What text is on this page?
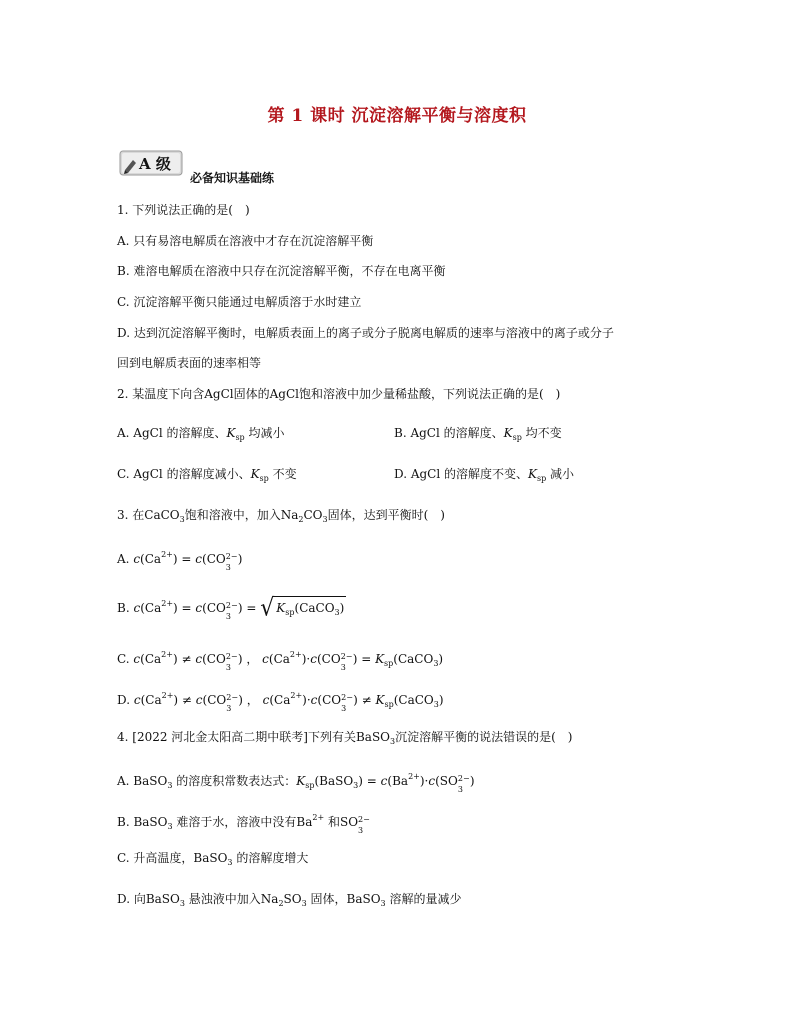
第 1 课时 沉淀溶解平衡与溶度积
A 级
必备知识基础练
1. 下列说法正确的是(　)
A. 只有易溶电解质在溶液中才存在沉淀溶解平衡
B. 难溶电解质在溶液中只存在沉淀溶解平衡，不存在电离平衡
C. 沉淀溶解平衡只能通过电解质溶于水时建立
D. 达到沉淀溶解平衡时，电解质表面上的离子或分子脱离电解质的速率与溶液中的离子或分子
回到电解质表面的速率相等
2. 某温度下向含AgCl固体的AgCl饱和溶液中加少量稀盐酸，下列说法正确的是(　)
A. AgCl 的溶解度、$K_{sp}$ 均减小	B. AgCl 的溶解度、$K_{sp}$ 均不变
C. AgCl 的溶解度减小、$K_{sp}$ 不变	D. AgCl 的溶解度不变、$K_{sp}$ 减小
3. 在CaCO$_3$饱和溶液中，加入$Na_2CO_3$固体，达到平衡时(　)
A. $c(Ca^{2+}) = c(CO$ 2−
3
)
B. $c(Ca^{2+}) = c(CO$ 2−
3
) = √ $K_{sp}(CaCO_3)$
C. $c(Ca^{2+}) \ne c(CO$ 2−
3
) ， $c(Ca^{2+})\cdot c(CO$ 2−
3
) = $K_{sp}(CaCO_3)$
D. $c(Ca^{2+}) \ne c(CO$ 2−
3
) ， $c(Ca^{2+})\cdot c(CO$ 2−
3
) ≠ $K_{sp}(CaCO_3)$
4. [2022 河北金太阳高二期中联考]下列有关BaSO$_3$沉淀溶解平衡的说法错误的是(　)
A. BaSO$_3$ 的溶度积常数表达式：$K_{sp}(BaSO_3) = c(Ba^{2+})\cdot c(SO$ 2−
3
)
B. BaSO$_3$ 难溶于水，溶液中没有$Ba^{2+}$ 和SO 2−
3
C. 升高温度，BaSO$_3$ 的溶解度增大
D. 向BaSO$_3$ 悬浊液中加入$Na_2SO_3$ 固体，BaSO$_3$ 溶解的量减少
